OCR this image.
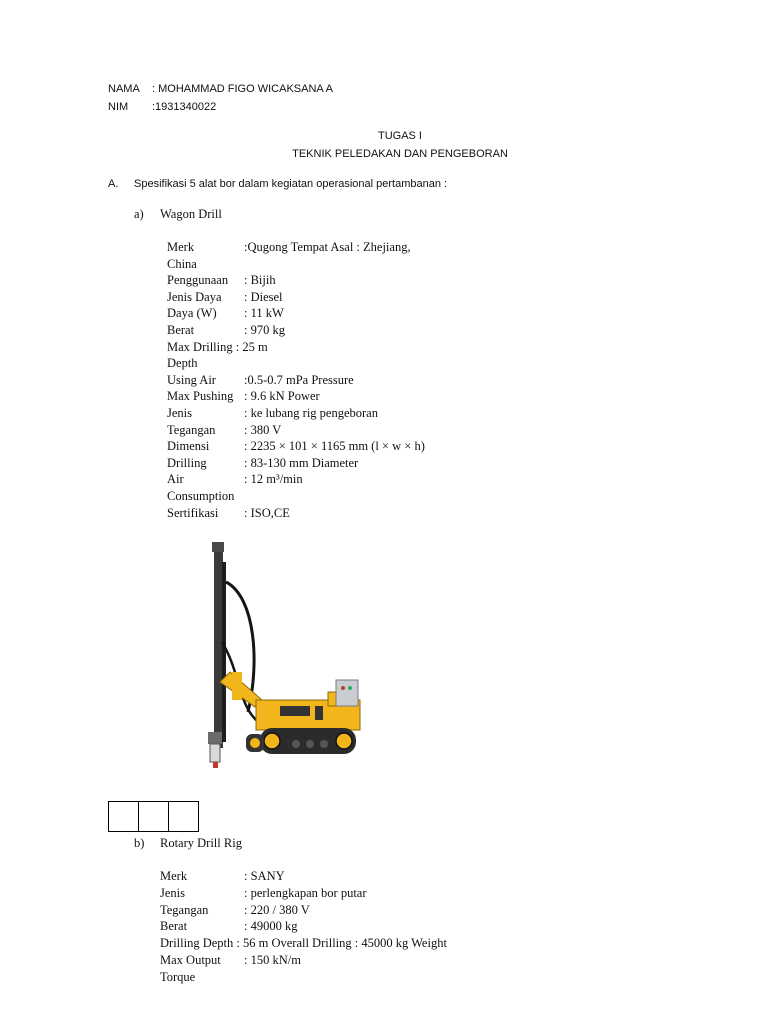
NAMA : MOHAMMAD FIGO WICAKSANA A
NIM :1931340022
TUGAS I
TEKNIK PELEDAKAN DAN PENGEBORAN
A. Spesifikasi 5 alat bor dalam kegiatan operasional pertambanan :
a) Wagon Drill
Merk	:Qugong Tempat Asal : Zhejiang,
China
Penggunaan : Bijih
Jenis Daya : Diesel
Daya (W) : 11 kW
Berat	: 970 kg
Max Drilling : 25 m
Depth
Using Air :0.5-0.7 mPa Pressure
Max Pushing : 9.6 kN Power
Jenis	: ke lubang rig pengeboran
Tegangan : 380 V
Dimensi	: 2235 × 101 × 1165 mm (l × w × h)
Drilling	: 83-130 mm Diameter
Air	: 12 m³/min
Consumption
Sertifikasi : ISO,CE

b) Rotary Drill Rig
Merk	: SANY
Jenis	: perlengkapan bor putar
Tegangan	: 220 / 380 V
Berat	: 49000 kg
Drilling Depth : 56 m Overall Drilling : 45000 kg Weight
Max Output : 150 kN/m
Torque
